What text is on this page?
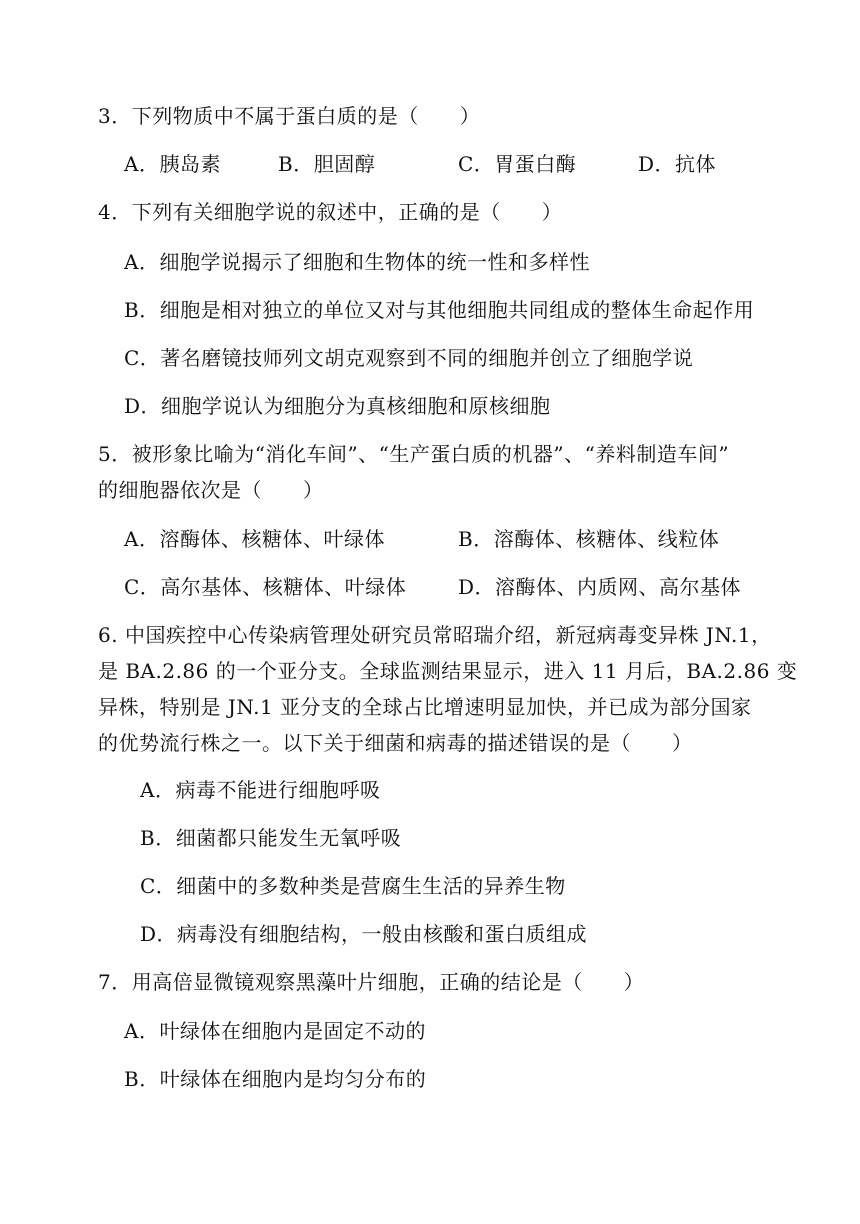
3．下列物质中不属于蛋白质的是（　　）
A．胰岛素	B．胆固醇	C．胃蛋白酶	D．抗体
4．下列有关细胞学说的叙述中，正确的是（　　）
A．细胞学说揭示了细胞和生物体的统一性和多样性
B．细胞是相对独立的单位又对与其他细胞共同组成的整体生命起作用
C．著名磨镜技师列文胡克观察到不同的细胞并创立了细胞学说
D．细胞学说认为细胞分为真核细胞和原核细胞
5．被形象比喻为“消化车间”、“生产蛋白质的机器”、“养料制造车间”
的细胞器依次是（　　）
A．溶酶体、核糖体、叶绿体	B．溶酶体、核糖体、线粒体
C．高尔基体、核糖体、叶绿体	D．溶酶体、内质网、高尔基体
6. 中国疾控中心传染病管理处研究员常昭瑞介绍，新冠病毒变异株 JN.1，
是 BA.2.86 的一个亚分支。全球监测结果显示，进入 11 月后，BA.2.86 变
异株，特别是 JN.1 亚分支的全球占比增速明显加快，并已成为部分国家
的优势流行株之一。以下关于细菌和病毒的描述错误的是（　　）
A．病毒不能进行细胞呼吸
B．细菌都只能发生无氧呼吸
C．细菌中的多数种类是营腐生生活的异养生物
D．病毒没有细胞结构，一般由核酸和蛋白质组成
7．用高倍显微镜观察黑藻叶片细胞，正确的结论是（　　）
A．叶绿体在细胞内是固定不动的
B．叶绿体在细胞内是均匀分布的
